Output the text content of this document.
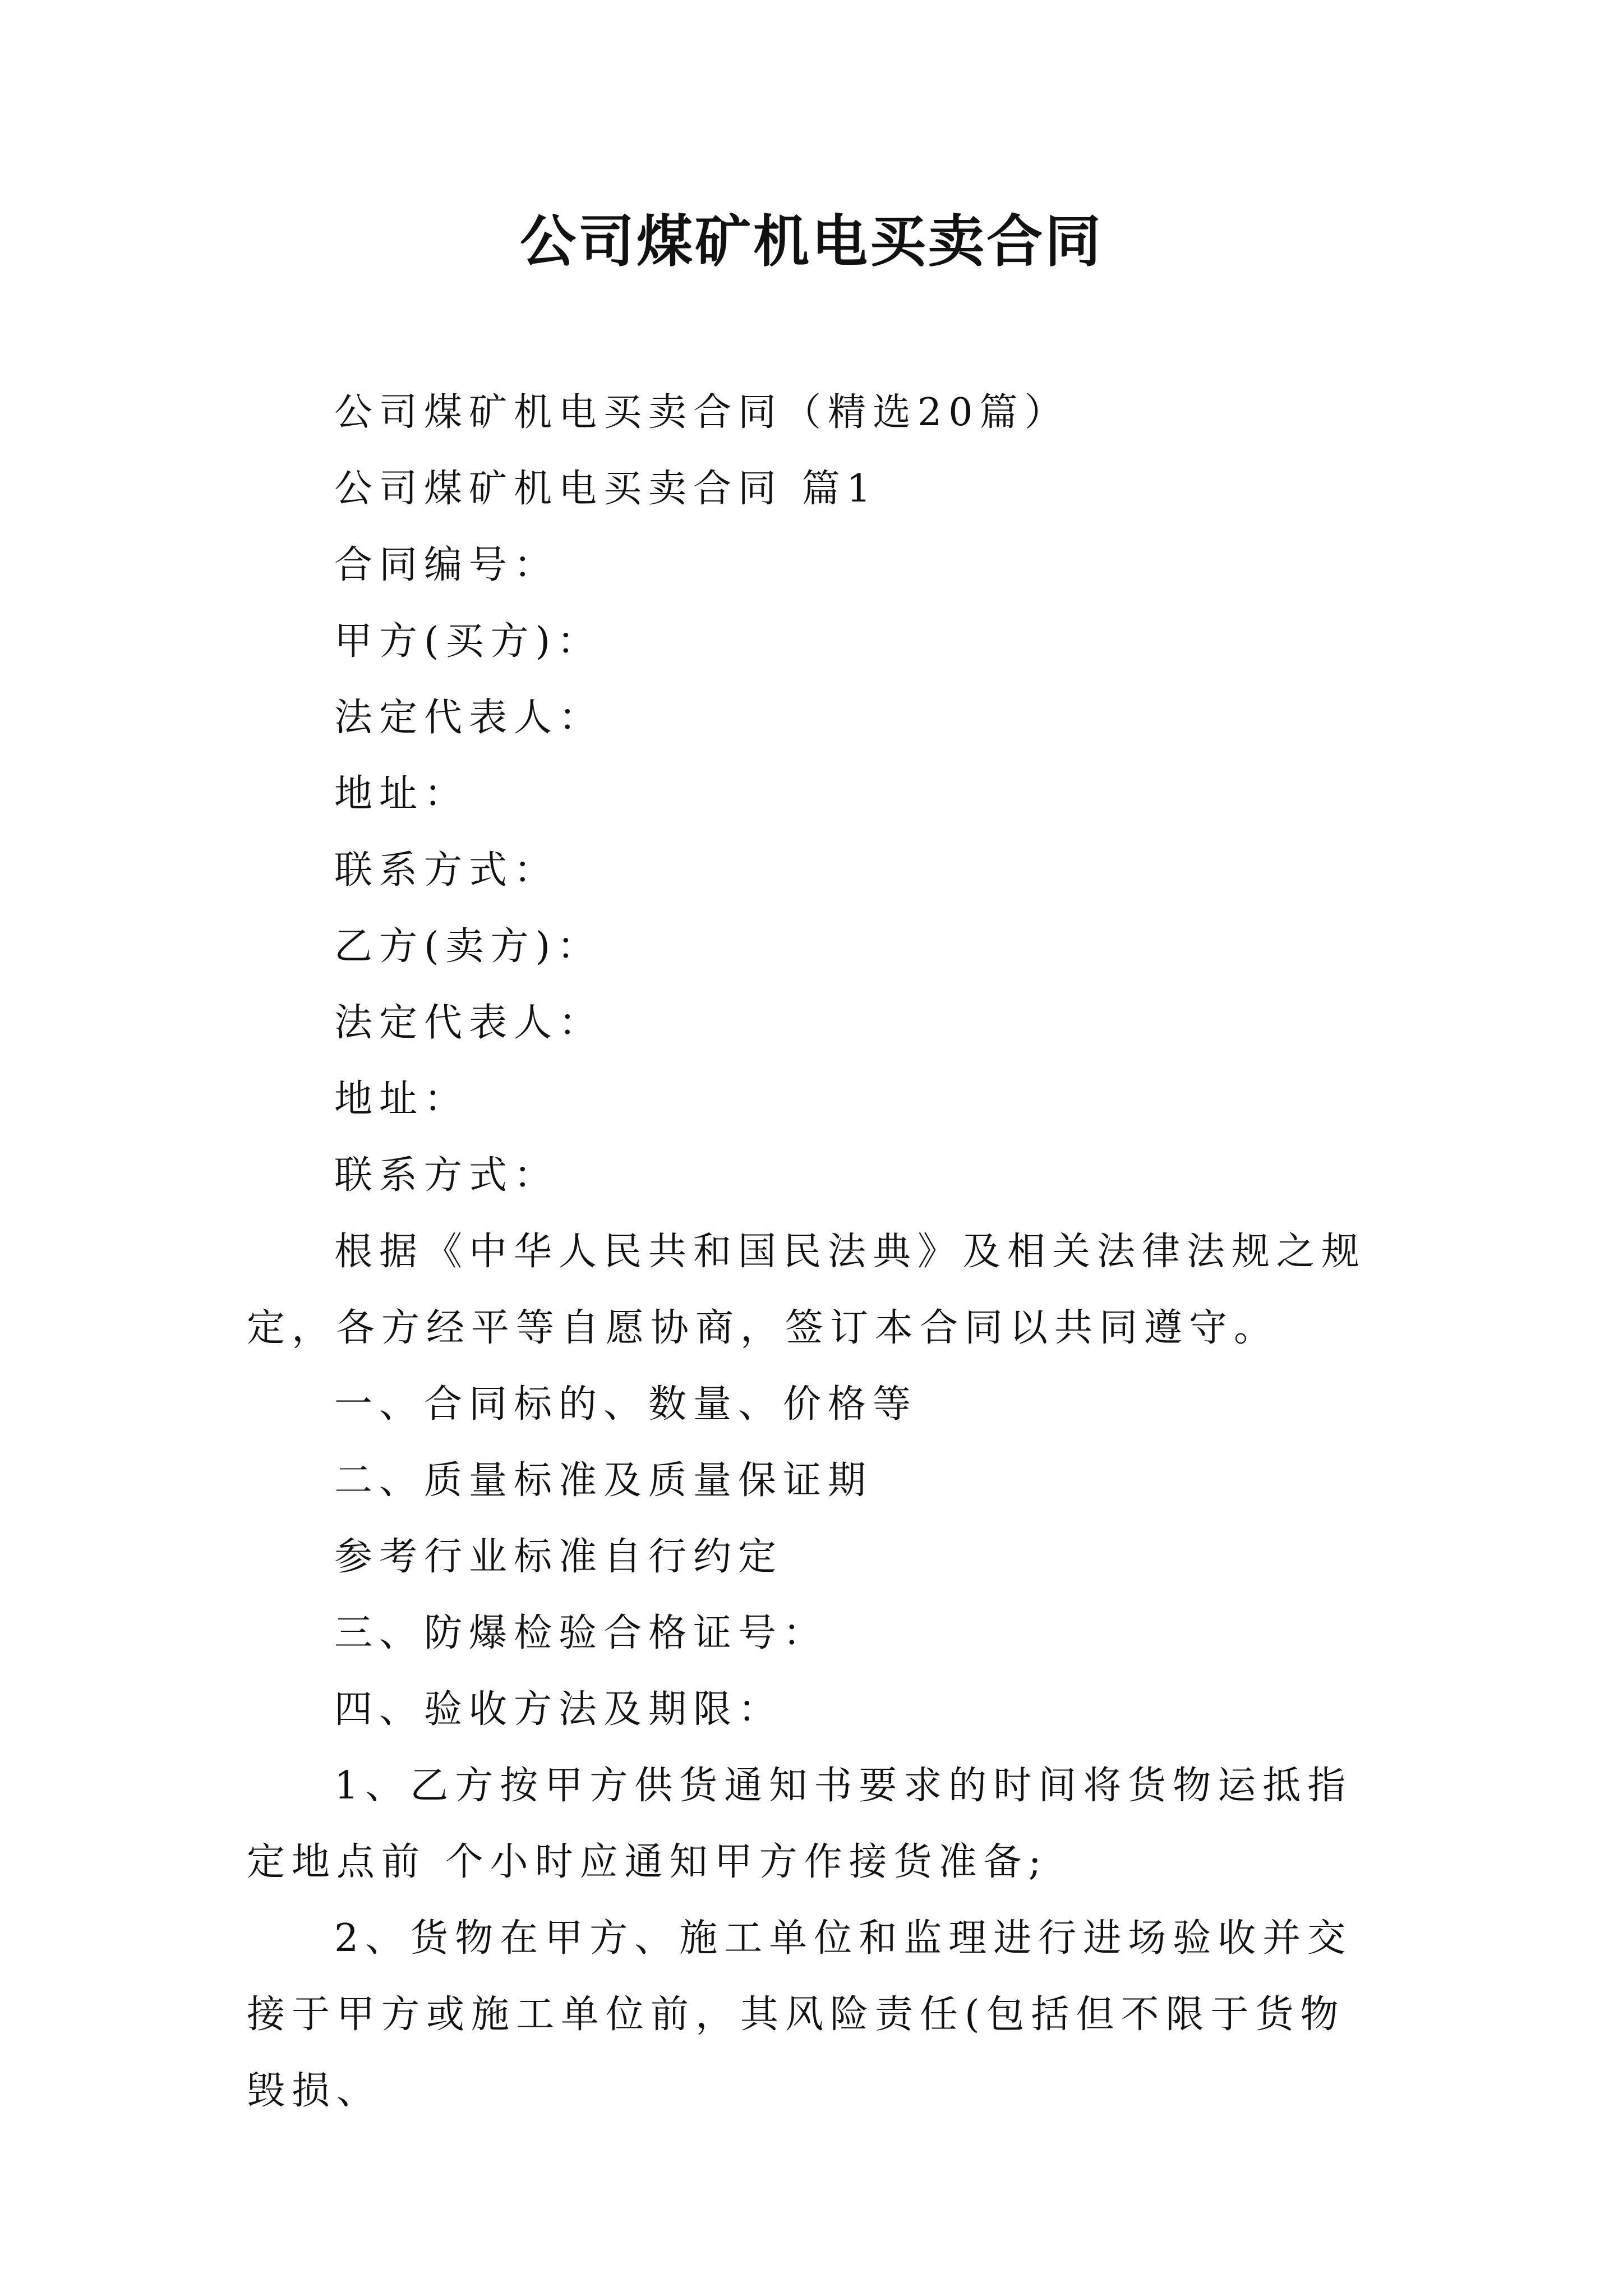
公司煤矿机电买卖合同

公司煤矿机电买卖合同（精选20篇）

公司煤矿机电买卖合同 篇1

合同编号：

甲方(买方)：

法定代表人：

地址：

联系方式：

乙方(卖方)：

法定代表人：

地址：

联系方式：

根据《中华人民共和国民法典》及相关法律法规之规定，各方经平等自愿协商，签订本合同以共同遵守。

一、合同标的、数量、价格等

二、质量标准及质量保证期

参考行业标准自行约定

三、防爆检验合格证号：

四、验收方法及期限：

1、乙方按甲方供货通知书要求的时间将货物运抵指定地点前 个小时应通知甲方作接货准备;

2、货物在甲方、施工单位和监理进行进场验收并交接于甲方或施工单位前，其风险责任(包括但不限于货物毁损、
